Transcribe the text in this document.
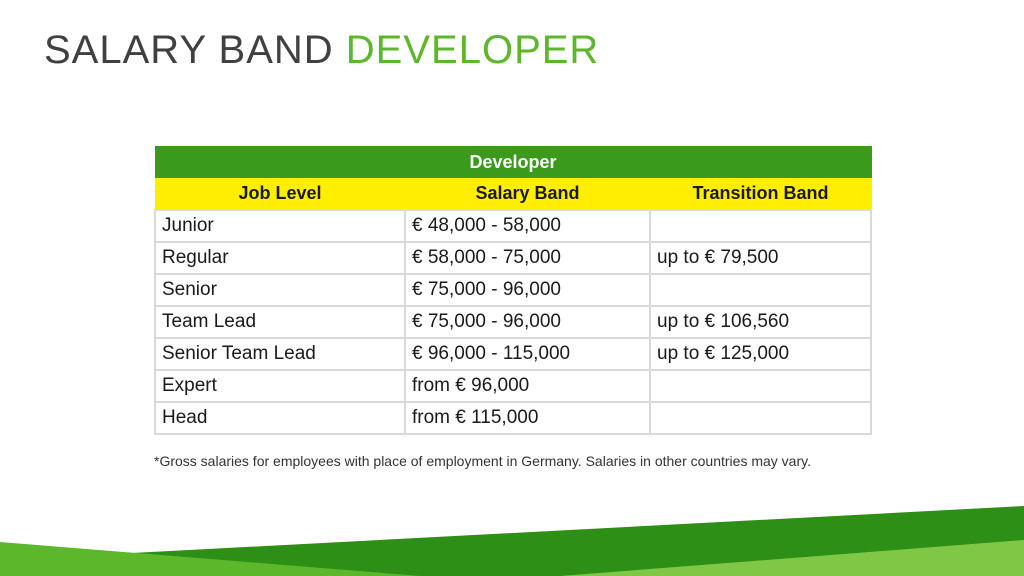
SALARY BAND DEVELOPER
Developer		
Job Level	Salary Band	Transition Band
Junior	€ 48,000 - 58,000	
Regular	€ 58,000 - 75,000	up to € 79,500
Senior	€ 75,000 - 96,000	
Team Lead	€ 75,000 - 96,000	up to € 106,560
Senior Team Lead	€ 96,000 - 115,000	up to € 125,000
Expert	from € 96,000	
Head	from € 115,000	
*Gross salaries for employees with place of employment in Germany. Salaries in other countries may vary.
